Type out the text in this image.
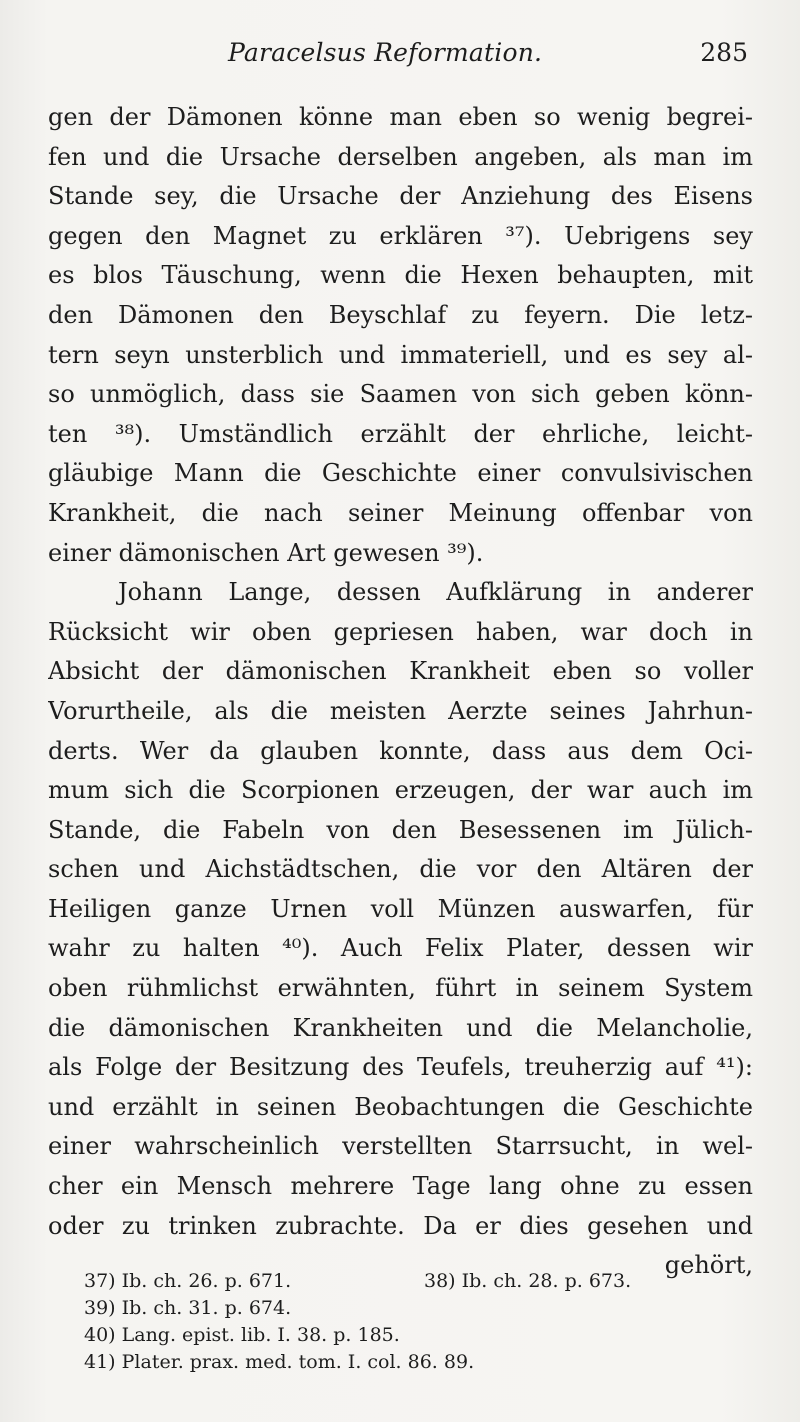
Paracelsus Reformation.	285
gen der Dämonen könne man eben so wenig begrei-
fen und die Ursache derselben angeben, als man im
Stande sey, die Ursache der Anziehung des Eisens
gegen den Magnet zu erklären ³⁷). Uebrigens sey
es blos Täuschung, wenn die Hexen behaupten, mit
den Dämonen den Beyschlaf zu feyern. Die letz-
tern seyn unsterblich und immateriell, und es sey al-
so unmöglich, dass sie Saamen von sich geben könn-
ten ³⁸). Umständlich erzählt der ehrliche, leicht-
gläubige Mann die Geschichte einer convulsivischen
Krankheit, die nach seiner Meinung offenbar von
einer dämonischen Art gewesen ³⁹).
Johann Lange, dessen Aufklärung in anderer
Rücksicht wir oben gepriesen haben, war doch in
Absicht der dämonischen Krankheit eben so voller
Vorurtheile, als die meisten Aerzte seines Jahrhun-
derts. Wer da glauben konnte, dass aus dem Oci-
mum sich die Scorpionen erzeugen, der war auch im
Stande, die Fabeln von den Besessenen im Jülich-
schen und Aichstädtschen, die vor den Altären der
Heiligen ganze Urnen voll Münzen auswarfen, für
wahr zu halten ⁴⁰). Auch Felix Plater, dessen wir
oben rühmlichst erwähnten, führt in seinem System
die dämonischen Krankheiten und die Melancholie,
als Folge der Besitzung des Teufels, treuherzig auf ⁴¹):
und erzählt in seinen Beobachtungen die Geschichte
einer wahrscheinlich verstellten Starrsucht, in wel-
cher ein Mensch mehrere Tage lang ohne zu essen
oder zu trinken zubrachte. Da er dies gesehen und
gehört,
37) Ib. ch. 26. p. 671.	38) Ib. ch. 28. p. 673.
39) Ib. ch. 31. p. 674.
40) Lang. epist. lib. I. 38. p. 185.
41) Plater. prax. med. tom. I. col. 86. 89.
